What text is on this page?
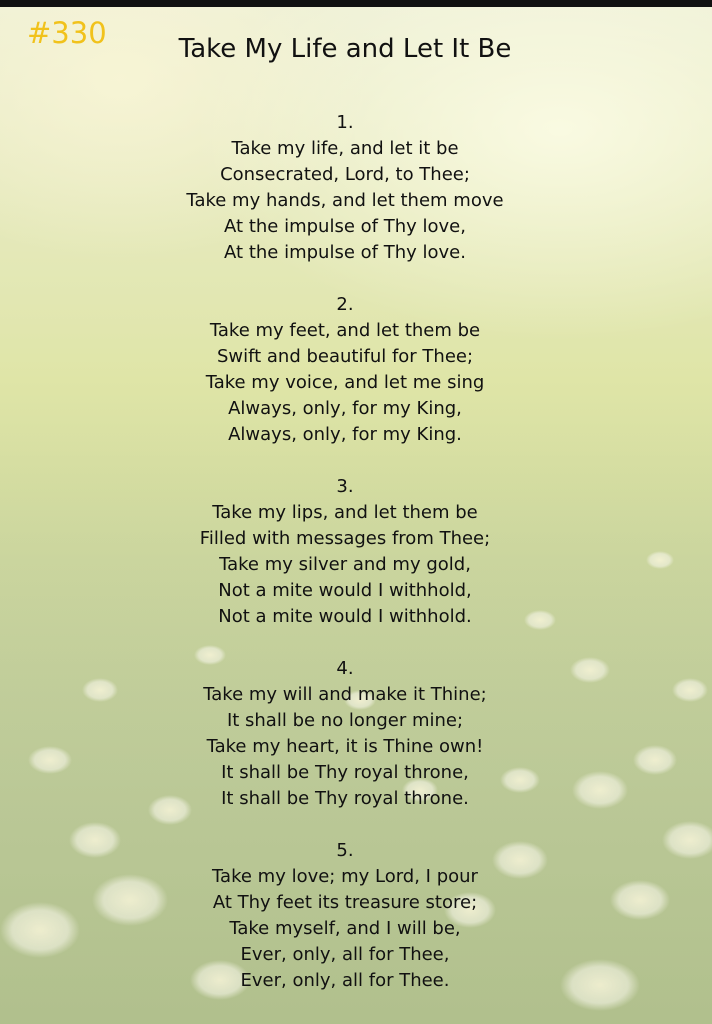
#330	Take My Life and Let It Be
1.
Take my life, and let it be
Consecrated, Lord, to Thee;
Take my hands, and let them move
At the impulse of Thy love,
At the impulse of Thy love.
2.
Take my feet, and let them be
Swift and beautiful for Thee;
Take my voice, and let me sing
Always, only, for my King,
Always, only, for my King.
3.
Take my lips, and let them be
Filled with messages from Thee;
Take my silver and my gold,
Not a mite would I withhold,
Not a mite would I withhold.
4.
Take my will and make it Thine;
It shall be no longer mine;
Take my heart, it is Thine own!
It shall be Thy royal throne,
It shall be Thy royal throne.
5.
Take my love; my Lord, I pour
At Thy feet its treasure store;
Take myself, and I will be,
Ever, only, all for Thee,
Ever, only, all for Thee.
